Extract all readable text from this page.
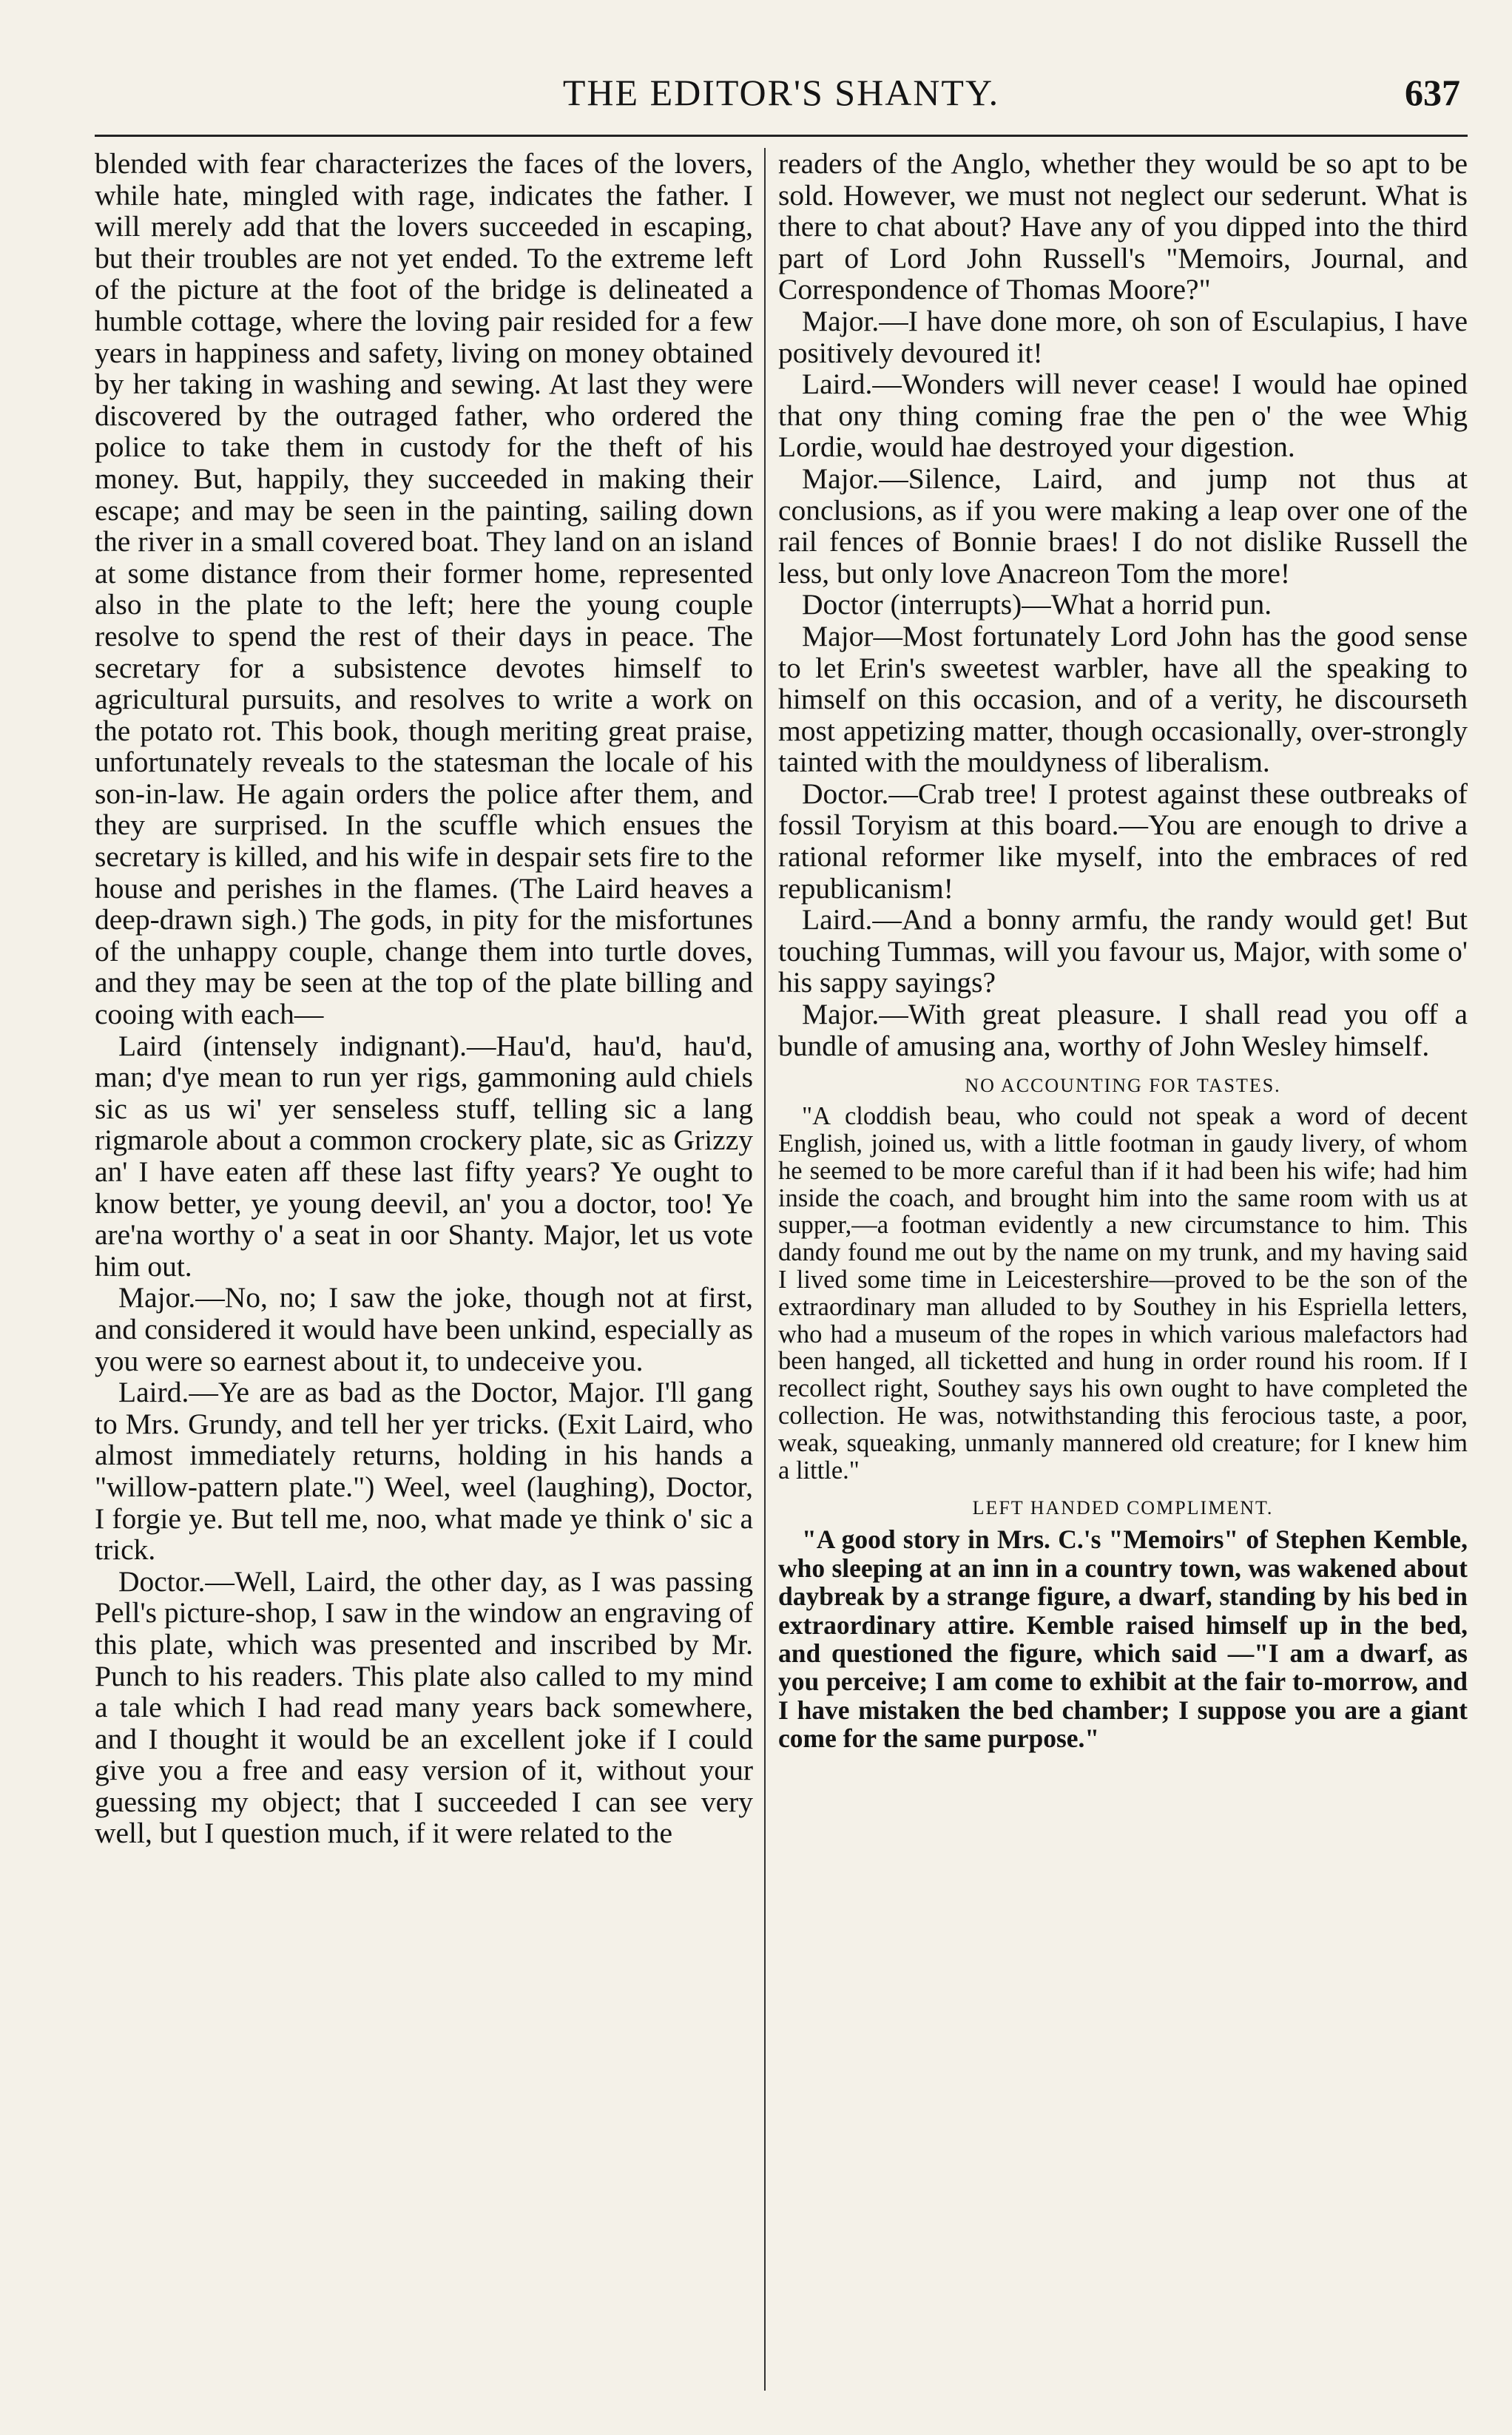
THE EDITOR'S SHANTY.	637

blended with fear characterizes the faces of the lovers, while hate, mingled with rage, indicates the father. I will merely add that the lovers succeeded in escaping, but their troubles are not yet ended. To the extreme left of the picture at the foot of the bridge is delineated a humble cottage, where the loving pair resided for a few years in happiness and safety, living on money obtained by her taking in washing and sewing. At last they were discovered by the outraged father, who ordered the police to take them in custody for the theft of his money. But, happily, they succeeded in making their escape; and may be seen in the painting, sailing down the river in a small covered boat. They land on an island at some distance from their former home, represented also in the plate to the left; here the young couple resolve to spend the rest of their days in peace. The secretary for a subsistence devotes himself to agricultural pursuits, and resolves to write a work on the potato rot. This book, though meriting great praise, unfortunately reveals to the statesman the locale of his son-in-law. He again orders the police after them, and they are surprised. In the scuffle which ensues the secretary is killed, and his wife in despair sets fire to the house and perishes in the flames. (The Laird heaves a deep-drawn sigh.) The gods, in pity for the misfortunes of the unhappy couple, change them into turtle doves, and they may be seen at the top of the plate billing and cooing with each—

Laird (intensely indignant).—Hau'd, hau'd, hau'd, man; d'ye mean to run yer rigs, gammoning auld chiels sic as us wi' yer senseless stuff, telling sic a lang rigmarole about a common crockery plate, sic as Grizzy an' I have eaten aff these last fifty years? Ye ought to know better, ye young deevil, an' you a doctor, too! Ye are'na worthy o' a seat in oor Shanty. Major, let us vote him out.

Major.—No, no; I saw the joke, though not at first, and considered it would have been unkind, especially as you were so earnest about it, to undeceive you.

Laird.—Ye are as bad as the Doctor, Major. I'll gang to Mrs. Grundy, and tell her yer tricks. (Exit Laird, who almost immediately returns, holding in his hands a "willow-pattern plate.") Weel, weel (laughing), Doctor, I forgie ye. But tell me, noo, what made ye think o' sic a trick.

Doctor.—Well, Laird, the other day, as I was passing Pell's picture-shop, I saw in the window an engraving of this plate, which was presented and inscribed by Mr. Punch to his readers. This plate also called to my mind a tale which I had read many years back somewhere, and I thought it would be an excellent joke if I could give you a free and easy version of it, without your guessing my object; that I succeeded I can see very well, but I question much, if it were related to the

readers of the Anglo, whether they would be so apt to be sold. However, we must not neglect our sederunt. What is there to chat about? Have any of you dipped into the third part of Lord John Russell's "Memoirs, Journal, and Correspondence of Thomas Moore?"

Major.—I have done more, oh son of Esculapius, I have positively devoured it!

Laird.—Wonders will never cease! I would hae opined that ony thing coming frae the pen o' the wee Whig Lordie, would hae destroyed your digestion.

Major.—Silence, Laird, and jump not thus at conclusions, as if you were making a leap over one of the rail fences of Bonnie braes! I do not dislike Russell the less, but only love Anacreon Tom the more!

Doctor (interrupts)—What a horrid pun.

Major—Most fortunately Lord John has the good sense to let Erin's sweetest warbler, have all the speaking to himself on this occasion, and of a verity, he discourseth most appetizing matter, though occasionally, over-strongly tainted with the mouldyness of liberalism.

Doctor.—Crab tree! I protest against these outbreaks of fossil Toryism at this board.—You are enough to drive a rational reformer like myself, into the embraces of red republicanism!

Laird.—And a bonny armfu, the randy would get! But touching Tummas, will you favour us, Major, with some o' his sappy sayings?

Major.—With great pleasure. I shall read you off a bundle of amusing ana, worthy of John Wesley himself.

NO ACCOUNTING FOR TASTES.

"A cloddish beau, who could not speak a word of decent English, joined us, with a little footman in gaudy livery, of whom he seemed to be more careful than if it had been his wife; had him inside the coach, and brought him into the same room with us at supper,—a footman evidently a new circumstance to him. This dandy found me out by the name on my trunk, and my having said I lived some time in Leicestershire—proved to be the son of the extraordinary man alluded to by Southey in his Espriella letters, who had a museum of the ropes in which various malefactors had been hanged, all ticketted and hung in order round his room. If I recollect right, Southey says his own ought to have completed the collection. He was, notwithstanding this ferocious taste, a poor, weak, squeaking, unmanly mannered old creature; for I knew him a little."

LEFT HANDED COMPLIMENT.

"A good story in Mrs. C.'s "Memoirs" of Stephen Kemble, who sleeping at an inn in a country town, was wakened about daybreak by a strange figure, a dwarf, standing by his bed in extraordinary attire. Kemble raised himself up in the bed, and questioned the figure, which said —"I am a dwarf, as you perceive; I am come to exhibit at the fair to-morrow, and I have mistaken the bed chamber; I suppose you are a giant come for the same purpose."
